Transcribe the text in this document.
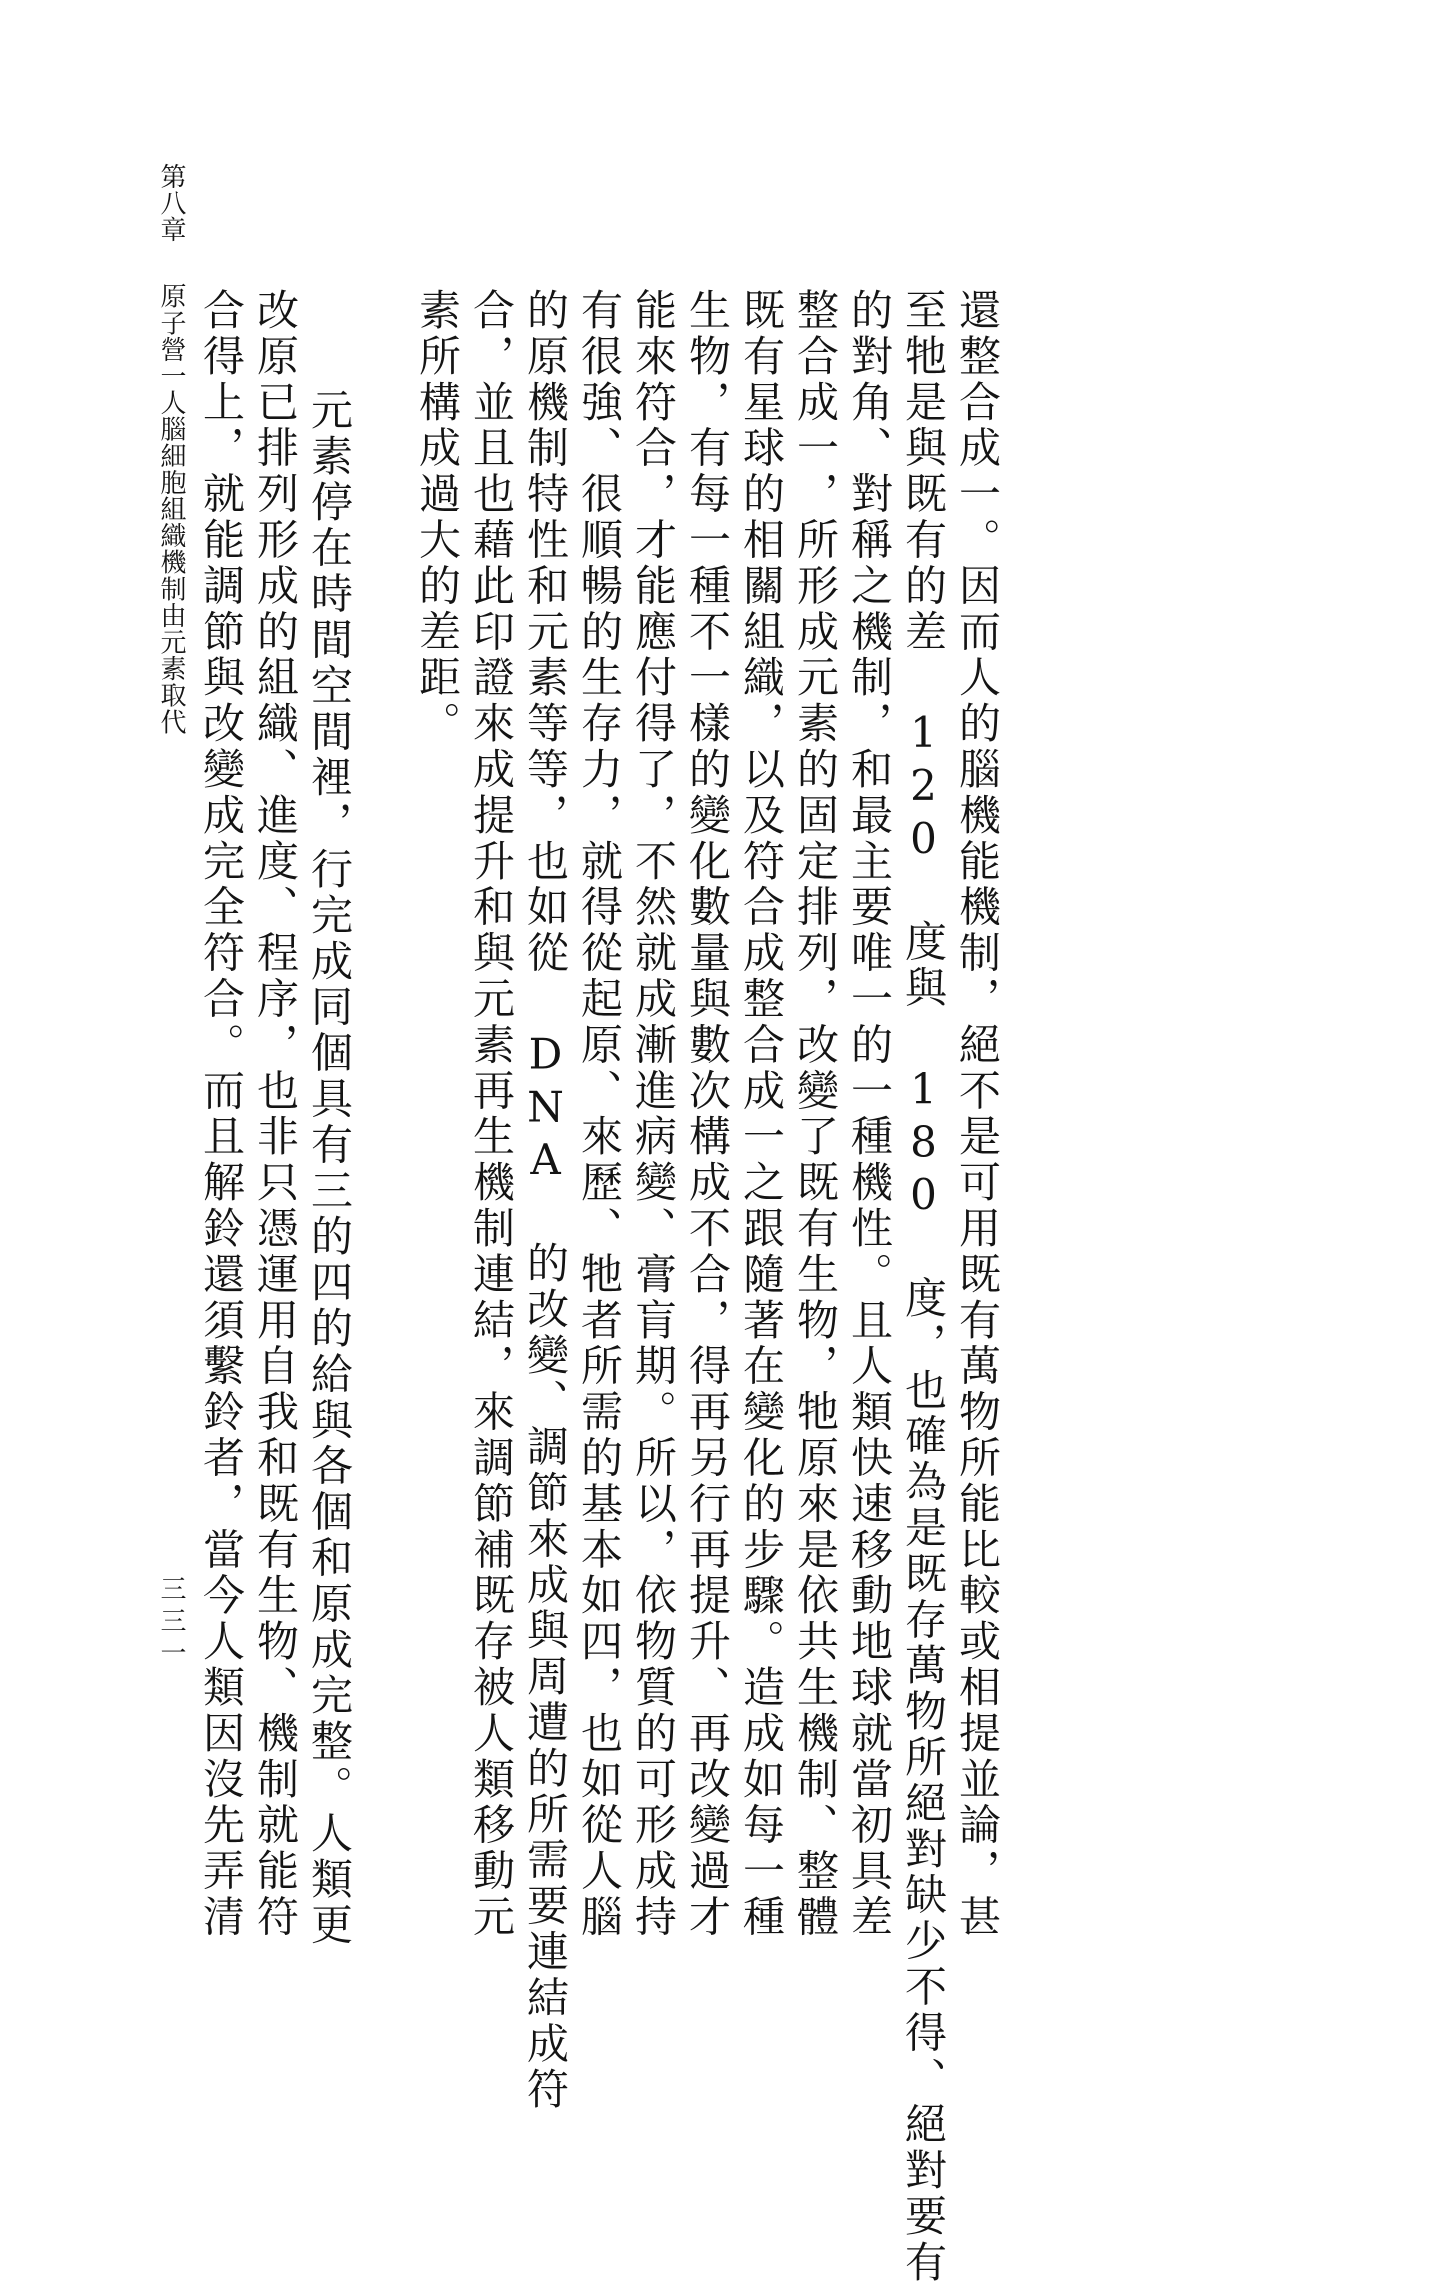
第八章原子營一人腦細胞組織機制由元素取代	還整合成一。因而人的腦機能機制，絕不是可用既有萬物所能比較或相提並論，甚
至牠是與既有的差 120 度與 180 度，也確為是既存萬物所絕對缺少不得、絕對要有
的對角、對稱之機制，和最主要唯一的一種機性。且人類快速移動地球就當初具差
整合成一，所形成元素的固定排列，改變了既有生物，牠原來是依共生機制、整體
既有星球的相關組織，以及符合成整合成一之跟隨著在變化的步驟。造成如每一種
生物，有每一種不一樣的變化數量與數次構成不合，得再另行再提升、再改變過才
能來符合，才能應付得了，不然就成漸進病變、膏肓期。所以，依物質的可形成持
有很強、很順暢的生存力，就得從起原、來歷、牠者所需的基本如四，也如從人腦
的原機制特性和元素等等，也如從 DNA 的改變、調節來成與周遭的所需要連結成符
合，並且也藉此印證來成提升和與元素再生機制連結，來調節補既存被人類移動元
素所構成過大的差距。
元素停在時間空間裡，行完成同個具有三的四的給與各個和原成完整。人類更
改原已排列形成的組織、進度、程序，也非只憑運用自我和既有生物、機制就能符
合得上，就能調節與改變成完全符合。而且解鈴還須繫鈴者，當今人類因沒先弄清
三三一
